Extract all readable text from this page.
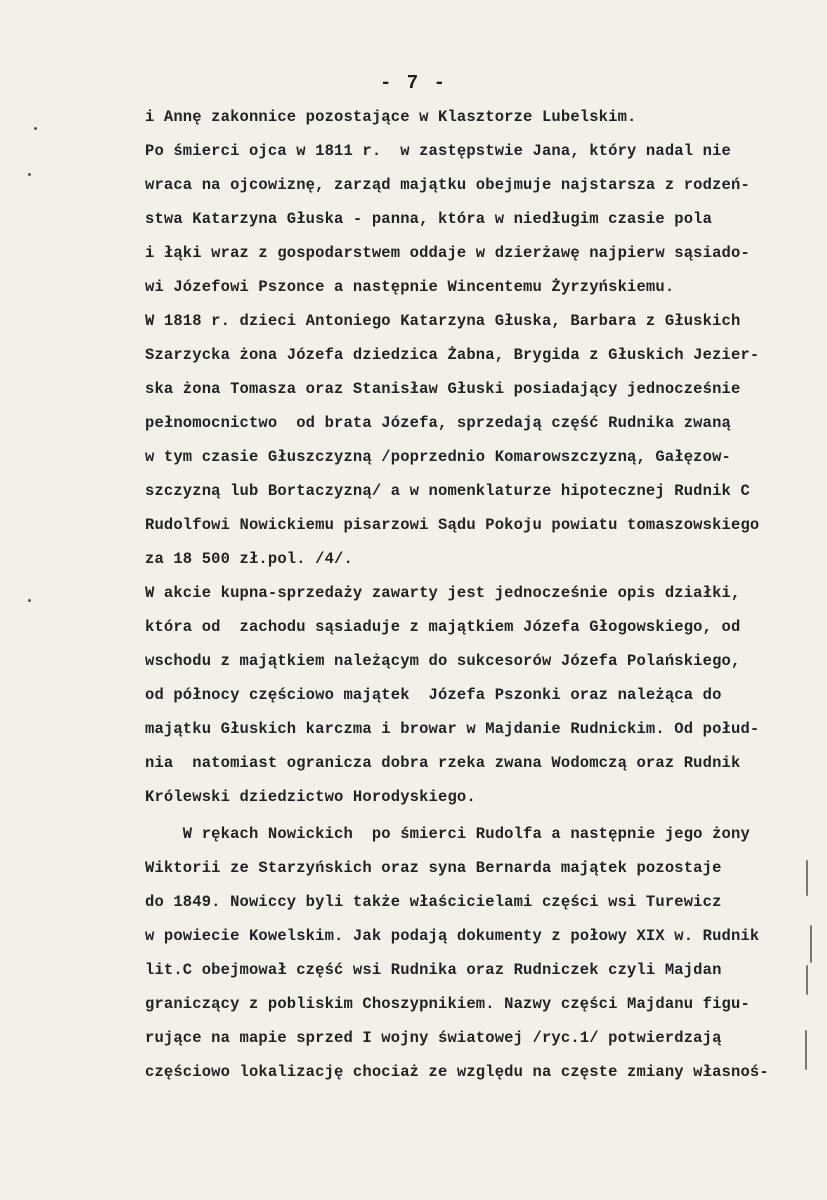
- 7 -
i Annę zakonnice pozostające w Klasztorze Lubelskim.
Po śmierci ojca w 1811 r.  w zastępstwie Jana, który nadal nie
wraca na ojcowiznę, zarząd majątku obejmuje najstarsza z rodzeń-
stwa Katarzyna Głuska - panna, która w niedługim czasie pola
i łąki wraz z gospodarstwem oddaje w dzierżawę najpierw sąsiado-
wi Józefowi Pszonce a następnie Wincentemu Żyrzyńskiemu.
W 1818 r. dzieci Antoniego Katarzyna Głuska, Barbara z Głuskich
Szarzycka żona Józefa dziedzica Żabna, Brygida z Głuskich Jezier-
ska żona Tomasza oraz Stanisław Głuski posiadający jednocześnie
pełnomocnictwo  od brata Józefa, sprzedają część Rudnika zwaną
w tym czasie Głuszczyzną /poprzednio Komarowszczyzną, Gałęzow-
szczyzną lub Bortaczyzną/ a w nomenklaturze hipotecznej Rudnik C
Rudolfowi Nowickiemu pisarzowi Sądu Pokoju powiatu tomaszowskiego
za 18 500 zł.pol. /4/.
W akcie kupna-sprzedaży zawarty jest jednocześnie opis działki,
która od  zachodu sąsiaduje z majątkiem Józefa Głogowskiego, od
wschodu z majątkiem należącym do sukcesorów Józefa Polańskiego,
od północy częściowo majątek  Józefa Pszonki oraz należąca do
majątku Głuskich karczma i browar w Majdanie Rudnickim. Od połud-
nia  natomiast ogranicza dobra rzeka zwana Wodomczą oraz Rudnik
Królewski dziedzictwo Horodyskiego.
W rękach Nowickich  po śmierci Rudolfa a następnie jego żony
Wiktorii ze Starzyńskich oraz syna Bernarda majątek pozostaje
do 1849. Nowiccy byli także właścicielami części wsi Turewicz
w powiecie Kowelskim. Jak podają dokumenty z połowy XIX w. Rudnik
lit.C obejmował część wsi Rudnika oraz Rudniczek czyli Majdan
graniczący z pobliskim Choszypnikiem. Nazwy części Majdanu figu-
rujące na mapie sprzed I wojny światowej /ryc.1/ potwierdzają
częściowo lokalizację chociaż ze względu na częste zmiany własnoś-
